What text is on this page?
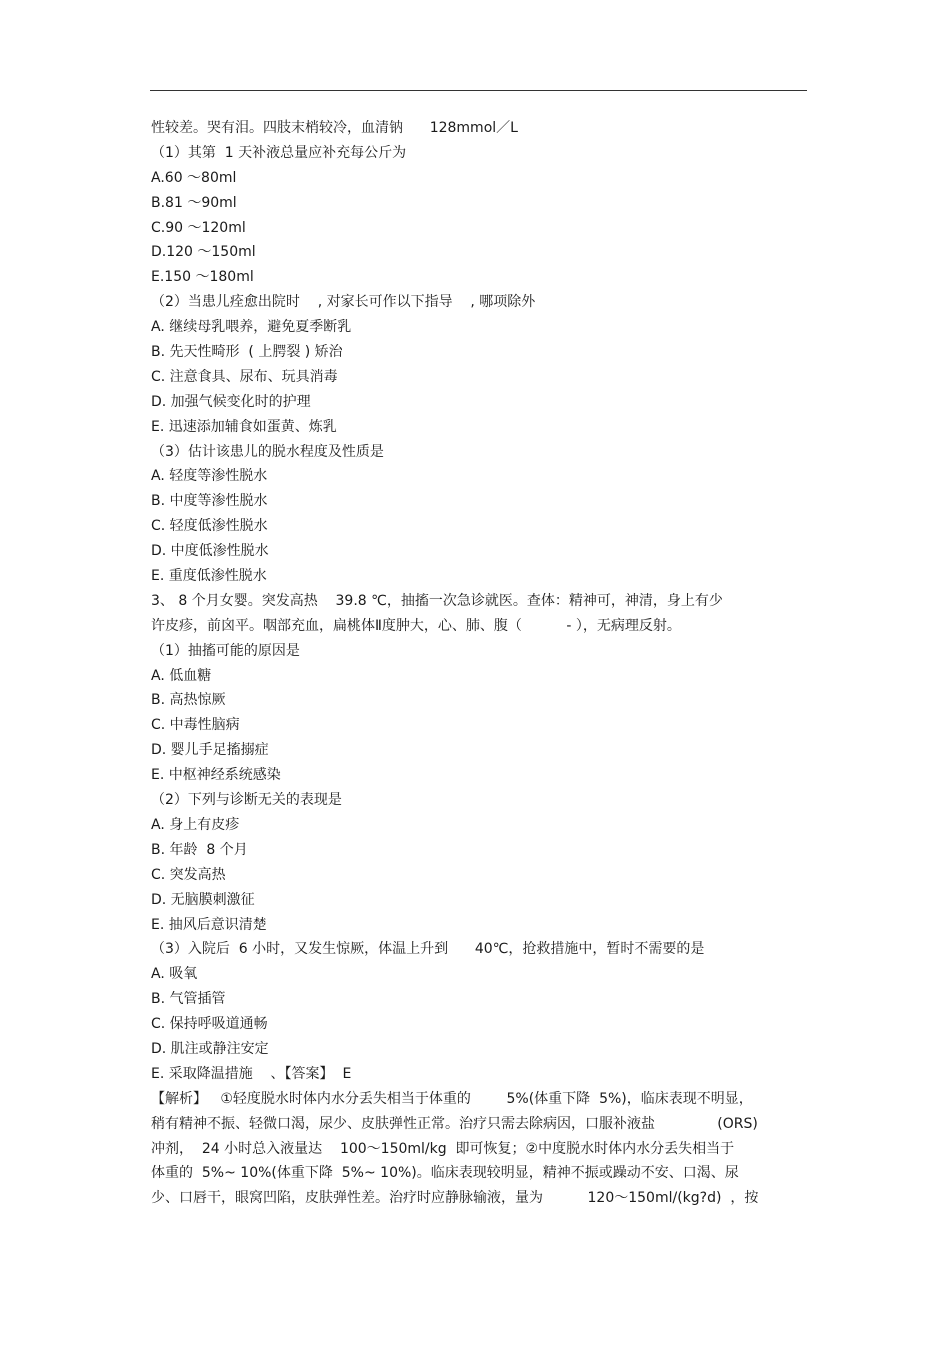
性较差。哭有泪。四肢末梢较冷，血清钠      128mmol／L
（1）其第  1 天补液总量应补充每公斤为
A.60 ～80ml
B.81 ～90ml
C.90 ～120ml
D.120 ～150ml
E.150 ～180ml
（2）当患儿痊愈出院时    , 对家长可作以下指导    , 哪项除外
A. 继续母乳喂养，避免夏季断乳
B. 先天性畸形  ( 上腭裂 ) 矫治
C. 注意食具、尿布、玩具消毒
D. 加强气候变化时的护理
E. 迅速添加辅食如蛋黄、炼乳
（3）估计该患儿的脱水程度及性质是
A. 轻度等渗性脱水
B. 中度等渗性脱水
C. 轻度低渗性脱水
D. 中度低渗性脱水
E. 重度低渗性脱水
3、 8 个月女婴。突发高热    39.8 ℃，抽搐一次急诊就医。查体：精神可，神清，身上有少
许皮疹，前囟平。咽部充血，扁桃体Ⅱ度肿大，心、肺、腹（          - ），无病理反射。
（1）抽搐可能的原因是
A. 低血糖
B. 高热惊厥
C. 中毒性脑病
D. 婴儿手足搐搦症
E. 中枢神经系统感染
（2）下列与诊断无关的表现是
A. 身上有皮疹
B. 年龄  8 个月
C. 突发高热
D. 无脑膜刺激征
E. 抽风后意识清楚
（3）入院后  6 小时，又发生惊厥，体温上升到      40℃，抢救措施中，暂时不需要的是
A. 吸氧
B. 气管插管
C. 保持呼吸道通畅
D. 肌注或静注安定
E. 采取降温措施    、【答案】  E
【解析】   ①轻度脱水时体内水分丢失相当于体重的        5%(体重下降  5%)，临床表现不明显，
稍有精神不振、轻微口渴，尿少、皮肤弹性正常。治疗只需去除病因，口服补液盐              (ORS)
冲剂，  24 小时总入液量达    100～150ml/kg  即可恢复；②中度脱水时体内水分丢失相当于
体重的  5%~ 10%(体重下降  5%~ 10%)。临床表现较明显，精神不振或躁动不安、口渴、尿
少、口唇干，眼窝凹陷，皮肤弹性差。治疗时应静脉输液，量为          120～150ml/(kg?d)  ，按
